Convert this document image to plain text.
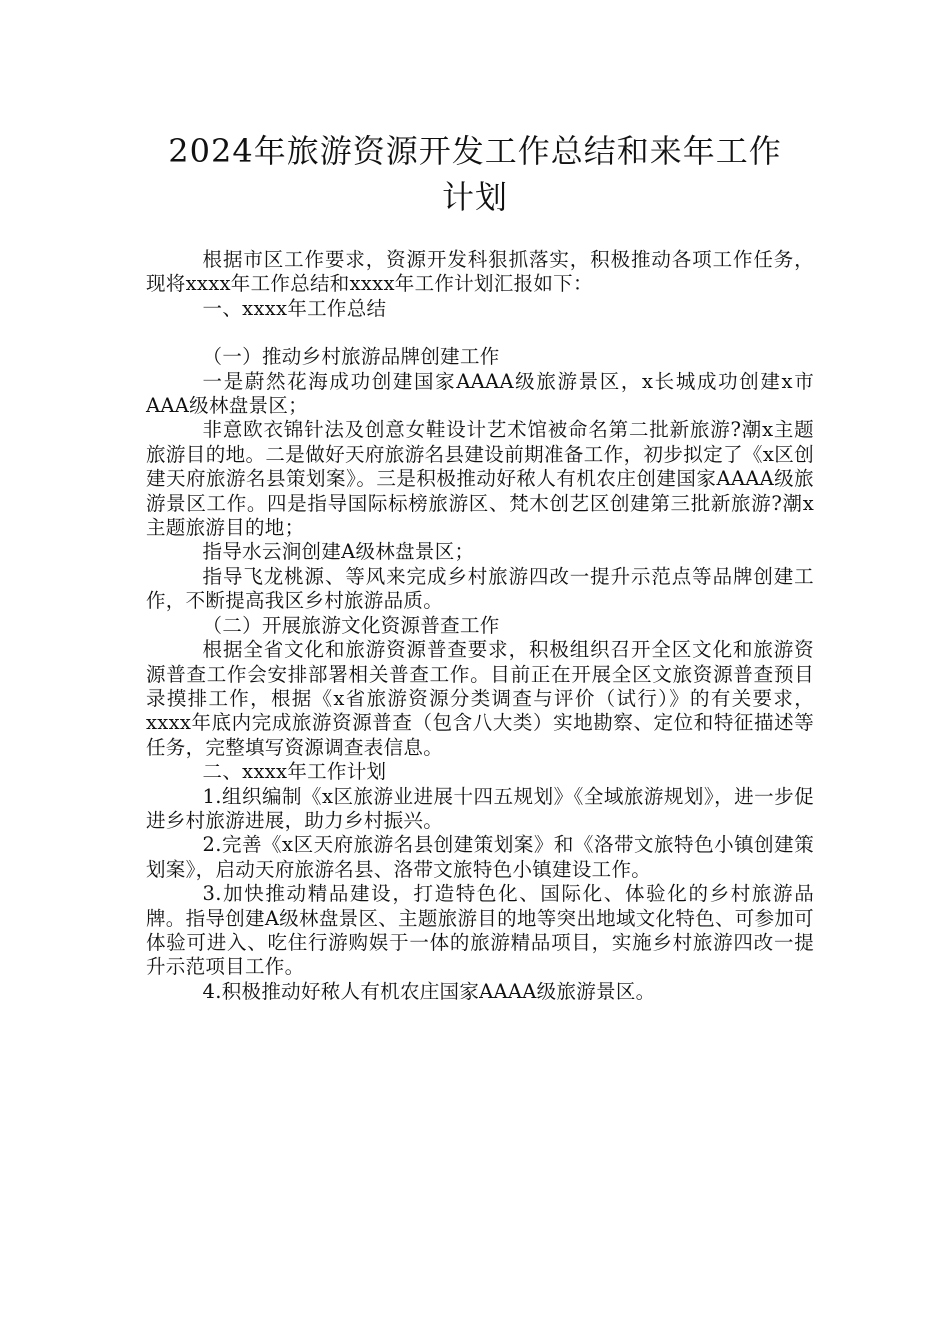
2024年旅游资源开发工作总结和来年工作
计划

根据市区工作要求，资源开发科狠抓落实，积极推动各项工作任务，现将xxxx年工作总结和xxxx年工作计划汇报如下：

一、xxxx年工作总结

（一）推动乡村旅游品牌创建工作

一是蔚然花海成功创建国家AAAA级旅游景区，x长城成功创建x市AAA级林盘景区；

非意欧衣锦针法及创意女鞋设计艺术馆被命名第二批新旅游?潮x主题旅游目的地。二是做好天府旅游名县建设前期准备工作，初步拟定了《x区创建天府旅游名县策划案》。三是积极推动好秾人有机农庄创建国家AAAA级旅游景区工作。四是指导国际标榜旅游区、梵木创艺区创建第三批新旅游?潮x主题旅游目的地；

指导水云涧创建A级林盘景区；

指导飞龙桃源、等风来完成乡村旅游四改一提升示范点等品牌创建工作，不断提高我区乡村旅游品质。

（二）开展旅游文化资源普查工作

根据全省文化和旅游资源普查要求，积极组织召开全区文化和旅游资源普查工作会安排部署相关普查工作。目前正在开展全区文旅资源普查预目录摸排工作，根据《x省旅游资源分类调查与评价（试行）》的有关要求，xxxx年底内完成旅游资源普查（包含八大类）实地勘察、定位和特征描述等任务，完整填写资源调查表信息。

二、xxxx年工作计划

1.组织编制《x区旅游业进展十四五规划》《全域旅游规划》，进一步促进乡村旅游进展，助力乡村振兴。

2.完善《x区天府旅游名县创建策划案》和《洛带文旅特色小镇创建策划案》，启动天府旅游名县、洛带文旅特色小镇建设工作。

3.加快推动精品建设，打造特色化、国际化、体验化的乡村旅游品牌。指导创建A级林盘景区、主题旅游目的地等突出地域文化特色、可参加可体验可进入、吃住行游购娱于一体的旅游精品项目，实施乡村旅游四改一提升示范项目工作。

4.积极推动好秾人有机农庄国家AAAA级旅游景区。
